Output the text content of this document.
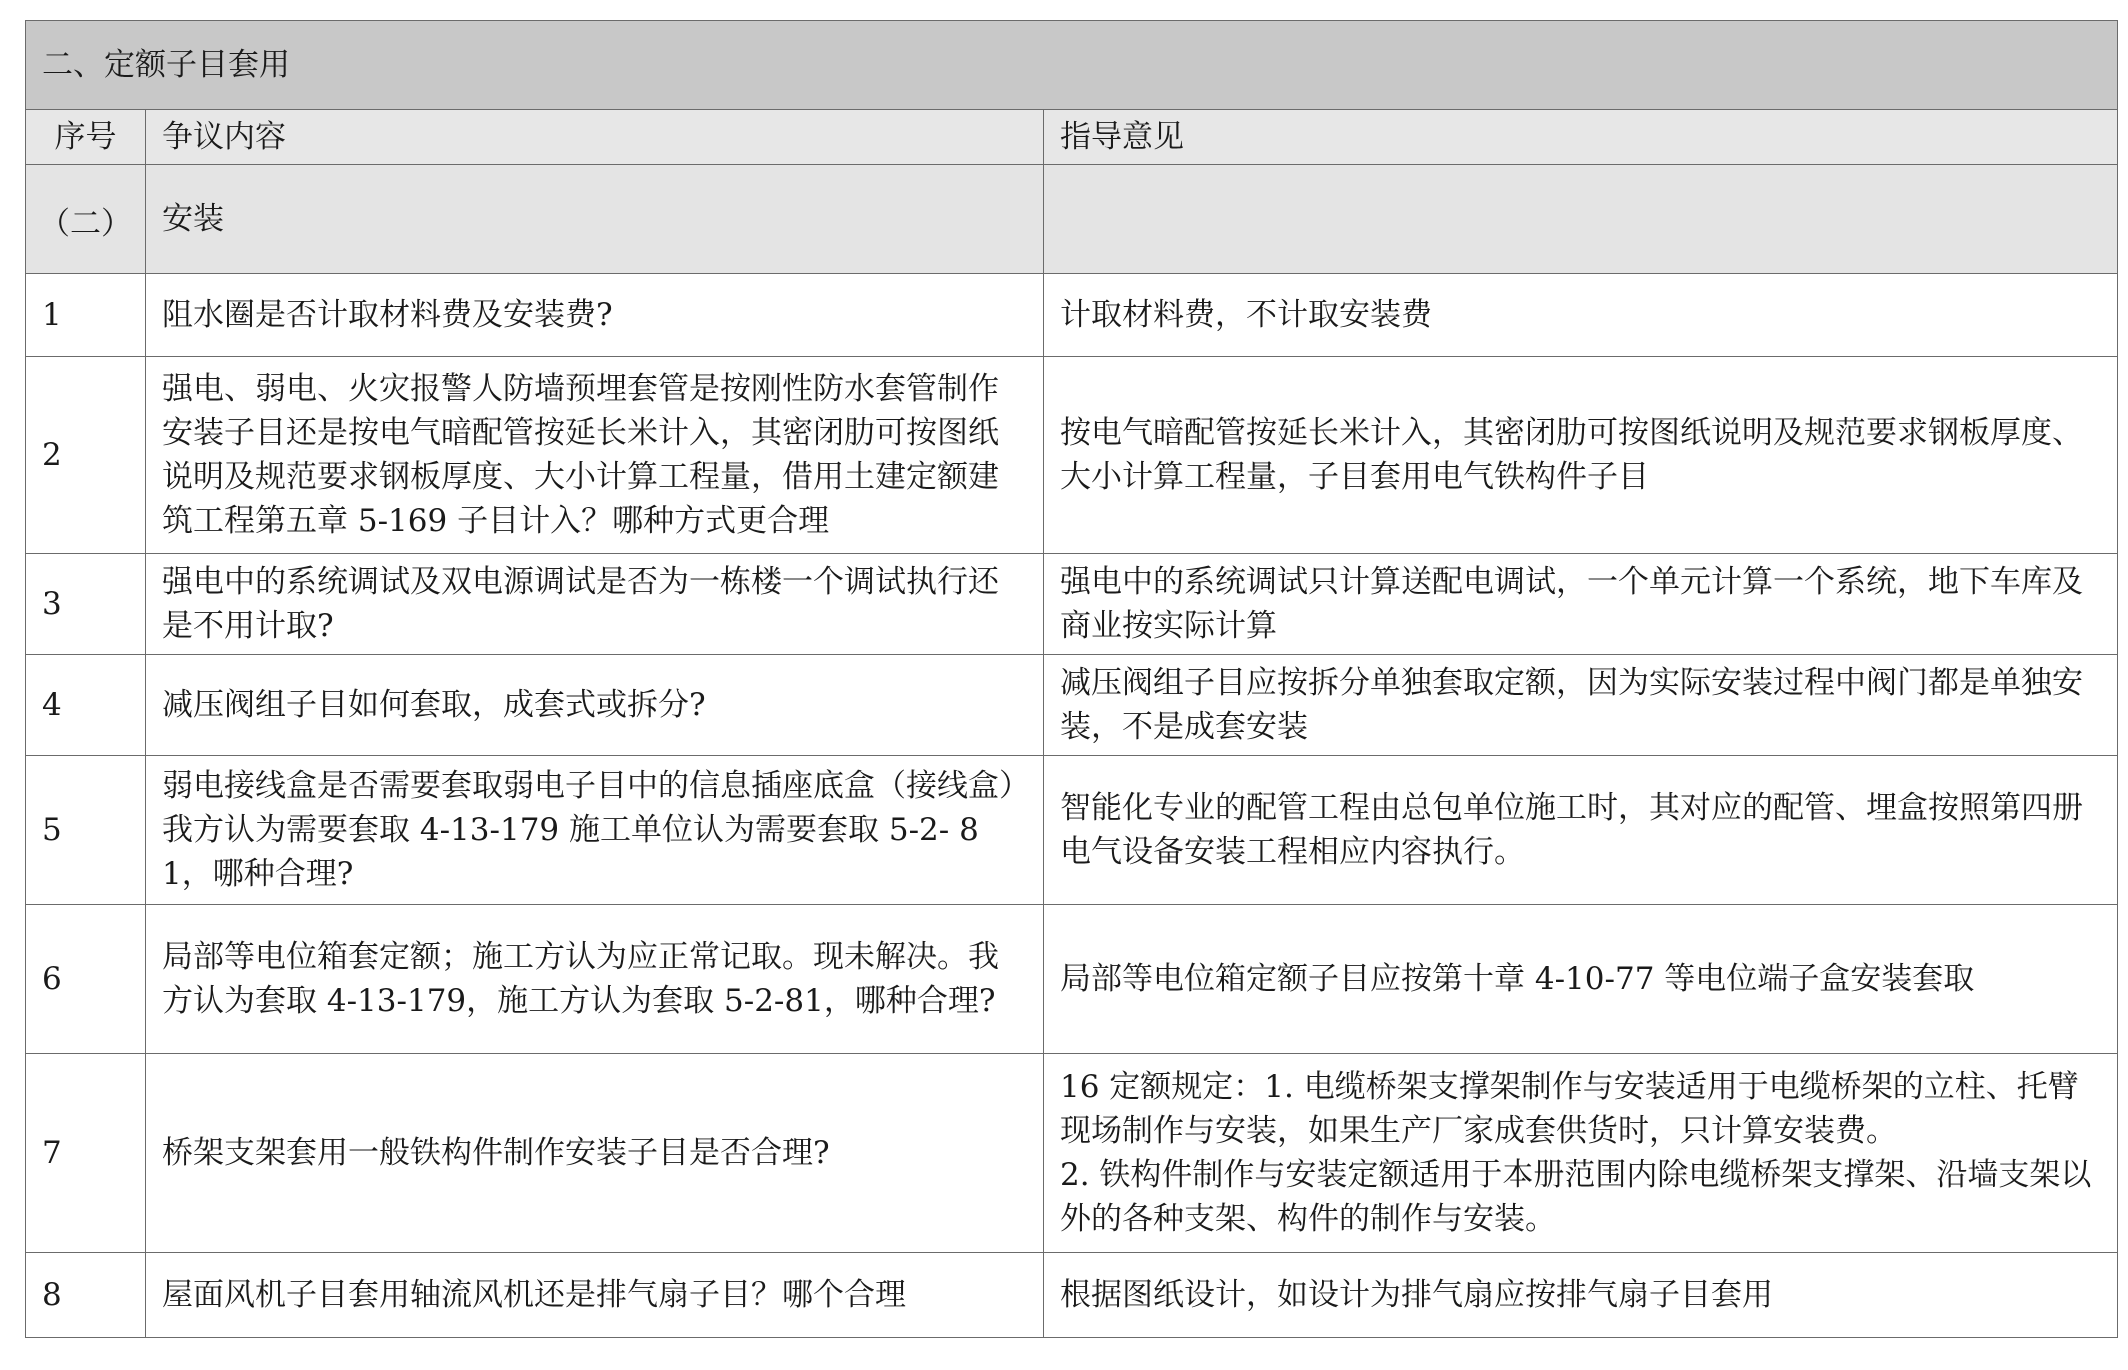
二、定额子目套用		
序号	争议内容	指导意见
（二）	安装	
1	阻水圈是否计取材料费及安装费?	计取材料费，不计取安装费
2	强电、弱电、火灾报警人防墙预埋套管是按刚性防水套管制作安装子目还是按电气暗配管按延长米计入，其密闭肋可按图纸说明及规范要求钢板厚度、大小计算工程量，借用土建定额建筑工程第五章 5-169 子目计入？哪种方式更合理	按电气暗配管按延长米计入，其密闭肋可按图纸说明及规范要求钢板厚度、大小计算工程量，子目套用电气铁构件子目
3	强电中的系统调试及双电源调试是否为一栋楼一个调试执行还是不用计取?	强电中的系统调试只计算送配电调试，一个单元计算一个系统，地下车库及商业按实际计算
4	减压阀组子目如何套取，成套式或拆分?	减压阀组子目应按拆分单独套取定额，因为实际安装过程中阀门都是单独安装，不是成套安装
5	弱电接线盒是否需要套取弱电子目中的信息插座底盒（接线盒）我方认为需要套取 4-13-179 施工单位认为需要套取 5-2- 81，哪种合理?	智能化专业的配管工程由总包单位施工时，其对应的配管、埋盒按照第四册电气设备安装工程相应内容执行。
6	局部等电位箱套定额；施工方认为应正常记取。现未解决。我方认为套取 4-13-179，施工方认为套取 5-2-81，哪种合理?	局部等电位箱定额子目应按第十章 4-10-77 等电位端子盒安装套取
7	桥架支架套用一般铁构件制作安装子目是否合理?	16 定额规定：1. 电缆桥架支撑架制作与安装适用于电缆桥架的立柱、托臂现场制作与安装，如果生产厂家成套供货时，只计算安装费。
2. 铁构件制作与安装定额适用于本册范围内除电缆桥架支撑架、沿墙支架以外的各种支架、构件的制作与安装。
8	屋面风机子目套用轴流风机还是排气扇子目？哪个合理	根据图纸设计，如设计为排气扇应按排气扇子目套用
